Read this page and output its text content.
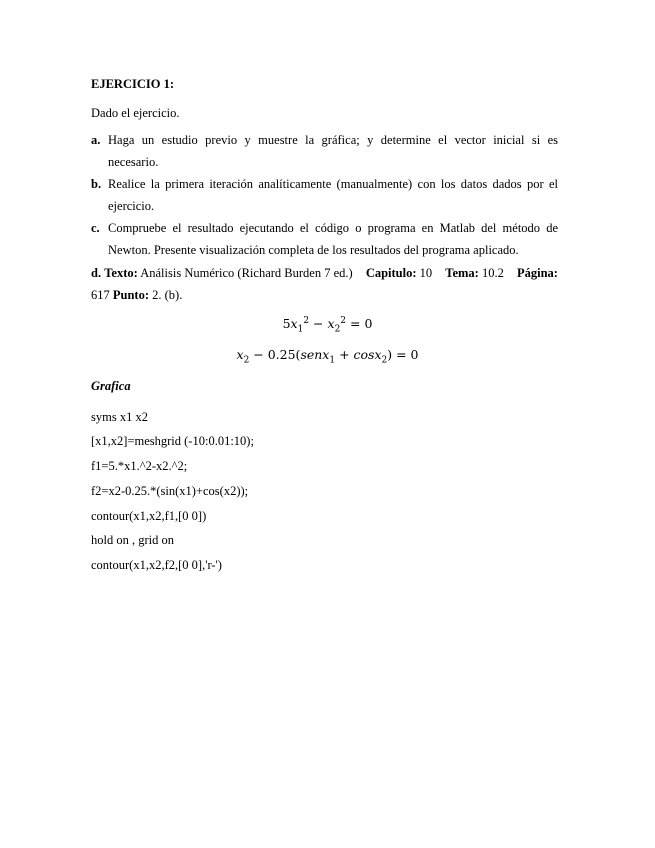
EJERCICIO 1:
Dado el ejercicio.
a. Haga un estudio previo y muestre la gráfica; y determine el vector inicial si es
necesario.
b. Realice la primera iteración analíticamente (manualmente) con los datos dados por el
ejercicio.
c. Compruebe el resultado ejecutando el código o programa en Matlab del método de
Newton. Presente visualización completa de los resultados del programa aplicado.
d. Texto: Análisis Numérico (Richard Burden 7 ed.) Capitulo: 10 Tema: 10.2 Página:
617 Punto: 2. (b).
$5x_1^2 - x_2^2 = 0$
$x_2$ − 0.25(senx$_1$ + cosx$_2$) = 0
Grafica
syms x1 x2
[x1,x2]=meshgrid (-10:0.01:10);
f1=5.*x1.^2-x2.^2;
f2=x2-0.25.*(sin(x1)+cos(x2));
contour(x1,x2,f1,[0 0])
hold on , grid on
contour(x1,x2,f2,[0 0],'r-')
